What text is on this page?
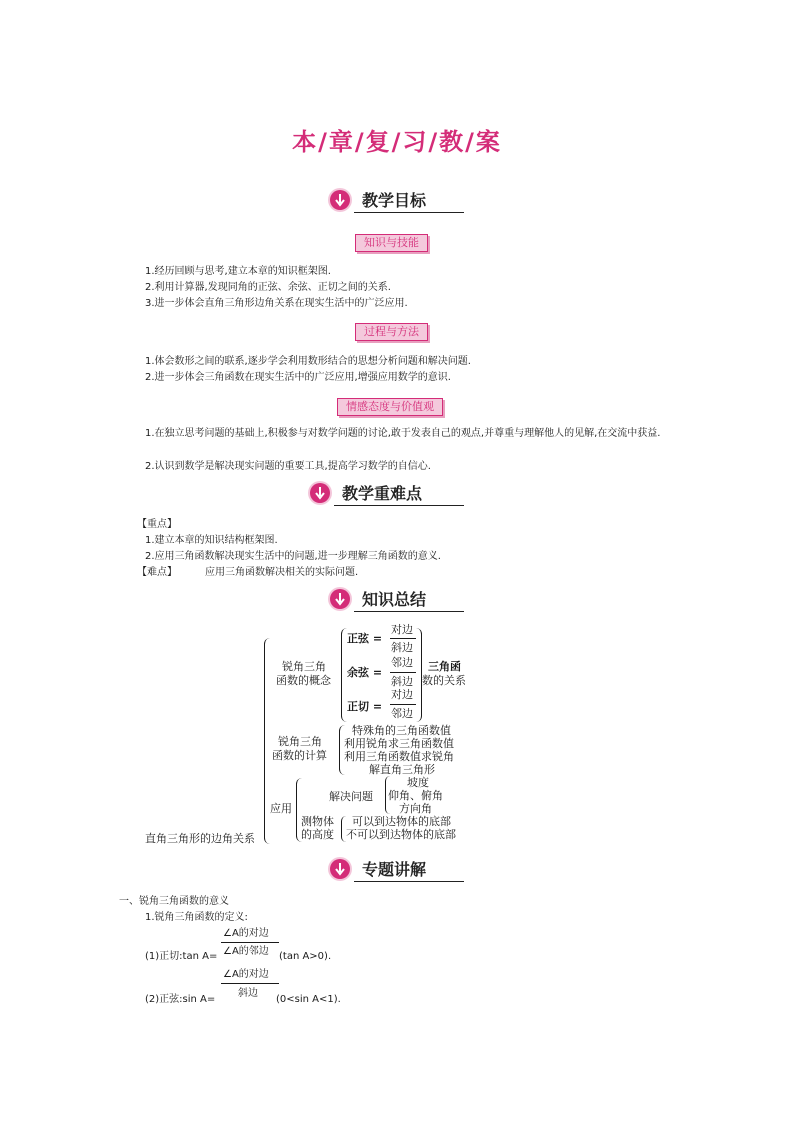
本/章/复/习/教/案
教学目标
知识与技能
1.经历回顾与思考,建立本章的知识框架图.
2.利用计算器,发现同角的正弦、余弦、正切之间的关系.
3.进一步体会直角三角形边角关系在现实生活中的广泛应用.
过程与方法
1.体会数形之间的联系,逐步学会利用数形结合的思想分析问题和解决问题.
2.进一步体会三角函数在现实生活中的广泛应用,增强应用数学的意识.
情感态度与价值观
1.在独立思考问题的基础上,积极参与对数学问题的讨论,敢于发表自己的观点,并尊重与理解他人的见解,在交流中获益.
2.认识到数学是解决现实问题的重要工具,提高学习数学的自信心.
教学重难点
【重点】
1.建立本章的知识结构框架图.
2.应用三角函数解决现实生活中的问题,进一步理解三角函数的意义.
【难点】	应用三角函数解决相关的实际问题.
知识总结
直角三角形的边角关系
锐角三角
函数的概念
正弦 =
对边
斜边
余弦 =
邻边
斜边
正切 =
对边
邻边
三角函
数的关系
锐角三角
函数的计算
特殊角的三角函数值
利用锐角求三角函数值
利用三角函数值求锐角
解直角三角形
应用
解决问题
坡度
仰角、俯角
方向角
测物体
的高度
可以到达物体的底部
不可以到达物体的底部
专题讲解
一、锐角三角函数的意义
1.锐角三角函数的定义:
(1)正切:tan A=
∠A的对边
∠A的邻边 (tan A>0).
(2)正弦:sin A=
∠A的对边
斜边
(0<sin A<1).
